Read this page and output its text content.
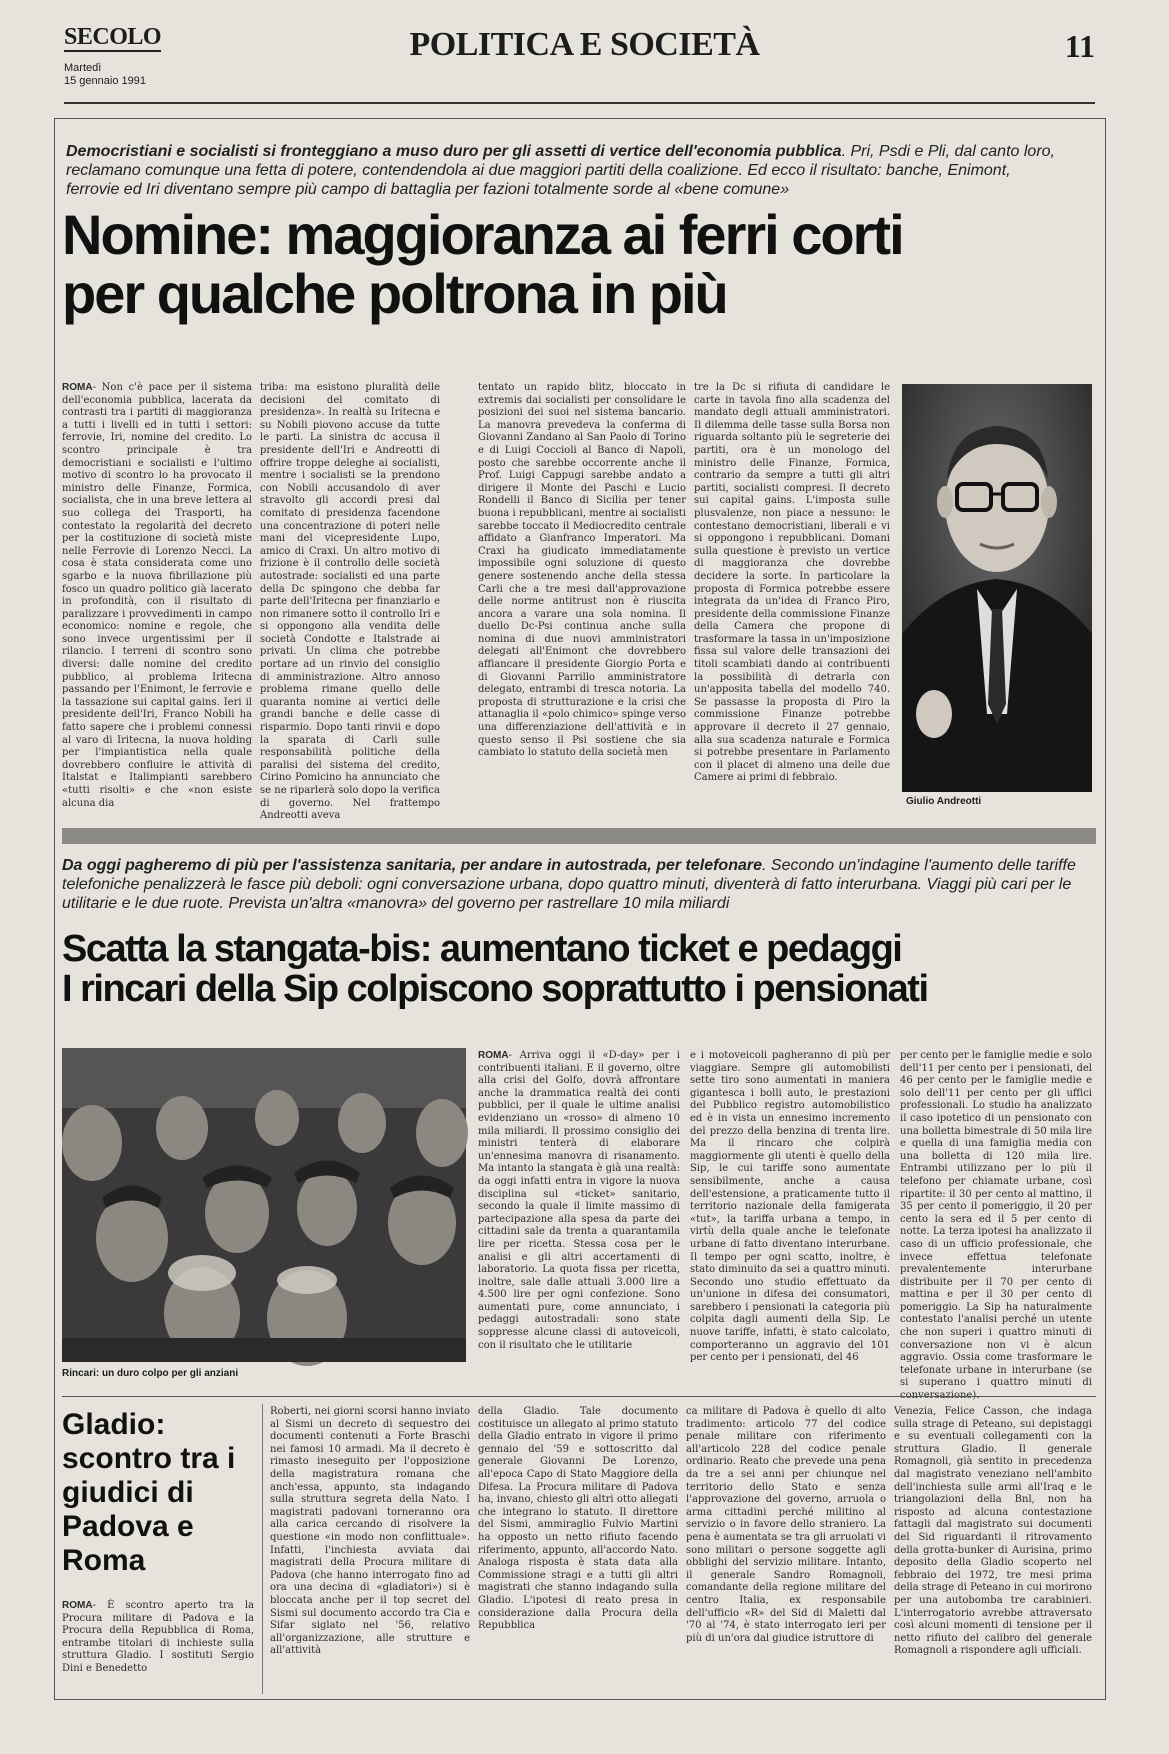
SECOLO
Martedì
15 gennaio 1991
POLITICA E SOCIETÀ	11
Democristiani e socialisti si fronteggiano a muso duro per gli assetti di vertice dell'economia pubblica. Pri, Psdi e Pli, dal canto loro, reclamano comunque una fetta di potere, contendendola ai due maggiori partiti della coalizione. Ed ecco il risultato: banche, Enimont, ferrovie ed Iri diventano sempre più campo di battaglia per fazioni totalmente sorde al «bene comune»
Nomine: maggioranza ai ferri corti
per qualche poltrona in più

ROMA- Non c'è pace per il sistema dell'economia pubblica, lacerata da contrasti tra i partiti di maggioranza a tutti i livelli ed in tutti i settori: ferrovie, Iri, nomine del credito. Lo scontro principale è tra democristiani e socialisti e l'ultimo motivo di scontro lo ha provocato il ministro delle Finanze, Formica, socialista, che in una breve lettera al suo collega dei Trasporti, ha contestato la regolarità del decreto per la costituzione di società miste nelle Ferrovie di Lorenzo Necci. La cosa è stata considerata come uno sgarbo e la nuova fibrillazione più fosco un quadro politico già lacerato in profondità, con il risultato di paralizzare i provvedimenti in campo economico: nomine e regole, che sono invece urgentissimi per il rilancio. I terreni di scontro sono diversi: dalle nomine del credito pubblico, al problema Iritecna passando per l'Enimont, le ferrovie e la tassazione sui capital gains. Ieri il presidente dell'Iri, Franco Nobili ha fatto sapere che i problemi connessi al varo di Iritecna, la nuova holding per l'impiantistica nella quale dovrebbero confluire le attività di Italstat e Italimpianti sarebbero «tutti risolti» e che «non esiste alcuna dia

triba: ma esistono pluralità delle decisioni del comitato di presidenza». In realtà su Iritecna e su Nobili piovono accuse da tutte le parti. La sinistra dc accusa il presidente dell'Iri e Andreotti di offrire troppe deleghe ai socialisti, mentre i socialisti se la prendono con Nobili accusandolo di aver stravolto gli accordi presi dal comitato di presidenza facendone una concentrazione di poteri nelle mani del vicepresidente Lupo, amico di Craxi. Un altro motivo di frizione è il controllo delle società autostrade: socialisti ed una parte della Dc spingono che debba far parte dell'Iritecna per finanziarlo e non rimanere sotto il controllo Iri e si oppongono alla vendita delle società Condotte e Italstrade ai privati. Un clima che potrebbe portare ad un rinvio del consiglio di amministrazione. Altro annoso problema rimane quello delle quaranta nomine ai vertici delle grandi banche e delle casse di risparmio. Dopo tanti rinvii e dopo la sparata di Carli sulle responsabilità politiche della paralisi del sistema del credito, Cirino Pomicino ha annunciato che se ne riparlerà solo dopo la verifica di governo. Nel frattempo Andreotti aveva

tentato un rapido blitz, bloccato in extremis dai socialisti per consolidare le posizioni dei suoi nel sistema bancario. La manovra prevedeva la conferma di Giovanni Zandano al San Paolo di Torino e di Luigi Coccioli al Banco di Napoli, posto che sarebbe occorrente anche il Prof. Luigi Cappugi sarebbe andato a dirigere il Monte dei Paschi e Lucio Rondelli il Banco di Sicilia per tener buona i repubblicani, mentre ai socialisti sarebbe toccato il Mediocredito centrale affidato a Gianfranco Imperatori. Ma Craxi ha giudicato immediatamente impossibile ogni soluzione di questo genere sostenendo anche della stessa Carli che a tre mesi dall'approvazione delle norme antitrust non è riuscita ancora a varare una sola nomina. Il duello Dc-Psi continua anche sulla nomina di due nuovi amministratori delegati all'Enimont che dovrebbero affiancare il presidente Giorgio Porta e di Giovanni Parrillo amministratore delegato, entrambi di tresca notoria. La proposta di strutturazione e la crisi che attanaglia il «polo chimico» spinge verso una differenziazione dell'attività e in questo senso il Psi sostiene che sia cambiato lo statuto della società men

tre la Dc si rifiuta di candidare le carte in tavola fino alla scadenza del mandato degli attuali amministratori. Il dilemma delle tasse sulla Borsa non riguarda soltanto più le segreterie dei partiti, ora è un monologo del ministro delle Finanze, Formica, contrario da sempre a tutti gli altri partiti, socialisti compresi. Il decreto sui capital gains. L'imposta sulle plusvalenze, non piace a nessuno: le contestano democristiani, liberali e vi si oppongono i repubblicani. Domani sulla questione è previsto un vertice di maggioranza che dovrebbe decidere la sorte. In particolare la proposta di Formica potrebbe essere integrata da un'idea di Franco Piro, presidente della commissione Finanze della Camera che propone di trasformare la tassa in un'imposizione fissa sul valore delle transazioni dei titoli scambiati dando ai contribuenti la possibilità di detrarla con un'apposita tabella del modello 740. Se passasse la proposta di Piro la commissione Finanze potrebbe approvare il decreto il 27 gennaio, alla sua scadenza naturale e Formica si potrebbe presentare in Parlamento con il placet di almeno una delle due Camere ai primi di febbraio.

Giulio Andreotti
Da oggi pagheremo di più per l'assistenza sanitaria, per andare in autostrada, per telefonare. Secondo un'indagine l'aumento delle tariffe telefoniche penalizzerà le fasce più deboli: ogni conversazione urbana, dopo quattro minuti, diventerà di fatto interurbana. Viaggi più cari per le utilitarie e le due ruote. Prevista un'altra «manovra» del governo per rastrellare 10 mila miliardi
Scatta la stangata-bis: aumentano ticket e pedaggi
I rincari della Sip colpiscono soprattutto i pensionati
Rincari: un duro colpo per gli anziani

ROMA- Arriva oggi il «D-day» per i contribuenti italiani. E il governo, oltre alla crisi del Golfo, dovrà affrontare anche la drammatica realtà dei conti pubblici, per il quale le ultime analisi evidenziano un «rosso» di almeno 10 mila miliardi. Il prossimo consiglio dei ministri tenterà di elaborare un'ennesima manovra di risanamento. Ma intanto la stangata è già una realtà: da oggi infatti entra in vigore la nuova disciplina sul «ticket» sanitario, secondo la quale il limite massimo di partecipazione alla spesa da parte dei cittadini sale da trenta a quarantamila lire per ricetta. Stessa cosa per le analisi e gli altri accertamenti di laboratorio. La quota fissa per ricetta, inoltre, sale dalle attuali 3.000 lire a 4.500 lire per ogni confezione. Sono aumentati pure, come annunciato, i pedaggi autostradali: sono state soppresse alcune classi di autoveicoli, con il risultato che le utilitarie

e i motoveicoli pagheranno di più per viaggiare. Sempre gli automobilisti sette tiro sono aumentati in maniera gigantesca i bolli auto, le prestazioni del Pubblico registro automobilistico ed è in vista un ennesimo incremento del prezzo della benzina di trenta lire. Ma il rincaro che colpirà maggiormente gli utenti è quello della Sip, le cui tariffe sono aumentate sensibilmente, anche a causa dell'estensione, a praticamente tutto il territorio nazionale della famigerata «tut», la tariffa urbana a tempo, in virtù della quale anche le telefonate urbane di fatto diventano interurbane. Il tempo per ogni scatto, inoltre, è stato diminuito da sei a quattro minuti. Secondo uno studio effettuato da un'unione in difesa dei consumatori, sarebbero i pensionati la categoria più colpita dagli aumenti della Sip. Le nuove tariffe, infatti, è stato calcolato, comporteranno un aggravio del 101 per cento per i pensionati, del 46

per cento per le famiglie medie e solo dell'11 per cento per i pensionati, del 46 per cento per le famiglie medie e solo dell'11 per cento per gli uffici professionali. Lo studio ha analizzato il caso ipotetico di un pensionato con una bolletta bimestrale di 50 mila lire e quella di una famiglia media con una bolletta di 120 mila lire. Entrambi utilizzano per lo più il telefono per chiamate urbane, così ripartite: il 30 per cento al mattino, il 35 per cento il pomeriggio, il 20 per cento la sera ed il 5 per cento di notte. La terza ipotesi ha analizzato il caso di un ufficio professionale, che invece effettua telefonate prevalentemente interurbane distribuite per il 70 per cento di mattina e per il 30 per cento di pomeriggio. La Sip ha naturalmente contestato l'analisi perché un utente che non superi i quattro minuti di conversazione non vi è alcun aggravio. Ossia come trasformare le telefonate urbane in interurbane (se si superano i quattro minuti di conversazione).

Gladio: scontro tra i giudici di Padova e Roma

ROMA- È scontro aperto tra la Procura militare di Padova e la Procura della Repubblica di Roma, entrambe titolari di inchieste sulla struttura Gladio. I sostituti Sergio Dini e Benedetto

Roberti, nei giorni scorsi hanno inviato al Sismi un decreto di sequestro dei documenti contenuti a Forte Braschi nei famosi 10 armadi. Ma il decreto è rimasto ineseguito per l'opposizione della magistratura romana che anch'essa, appunto, sta indagando sulla struttura segreta della Nato. I magistrati padovani torneranno ora alla carica cercando di risolvere la questione «in modo non conflittuale». Infatti, l'inchiesta avviata dai magistrati della Procura militare di Padova (che hanno interrogato fino ad ora una decina di «gladiatori») si è bloccata anche per il top secret del Sismi sul documento accordo tra Cia e Sifar siglato nel '56, relativo all'organizzazione, alle strutture e all'attività

della Gladio. Tale documento costituisce un allegato al primo statuto della Gladio entrato in vigore il primo gennaio del '59 e sottoscritto dal generale Giovanni De Lorenzo, all'epoca Capo di Stato Maggiore della Difesa. La Procura militare di Padova ha, invano, chiesto gli altri otto allegati che integrano lo statuto. Il direttore del Sismi, ammiraglio Fulvio Martini ha opposto un netto rifiuto facendo riferimento, appunto, all'accordo Nato. Analoga risposta è stata data alla Commissione stragi e a tutti gli altri magistrati che stanno indagando sulla Gladio. L'ipotesi di reato presa in considerazione dalla Procura della Repubblica

ca militare di Padova è quello di alto tradimento: articolo 77 del codice penale militare con riferimento all'articolo 228 del codice penale ordinario. Reato che prevede una pena da tre a sei anni per chiunque nel territorio dello Stato e senza l'approvazione del governo, arruola o arma cittadini perché militino al servizio o in favore dello straniero. La pena è aumentata se tra gli arruolati vi sono militari o persone soggette agli obblighi del servizio militare. Intanto, il generale Sandro Romagnoli, comandante della regione militare del centro Italia, ex responsabile dell'ufficio «R» del Sid di Maletti dal '70 al '74, è stato interrogato ieri per più di un'ora dal giudice istruttore di

Venezia, Felice Casson, che indaga sulla strage di Peteano, sui depistaggi e su eventuali collegamenti con la struttura Gladio. Il generale Romagnoli, già sentito in precedenza dal magistrato veneziano nell'ambito dell'inchiesta sulle armi all'Iraq e le triangolazioni della Bnl, non ha risposto ad alcuna contestazione fattagli dal magistrato sui documenti del Sid riguardanti il ritrovamento della grotta-bunker di Aurisina, primo deposito della Gladio scoperto nel febbraio del 1972, tre mesi prima della strage di Peteano in cui morirono per una autobomba tre carabinieri. L'interrogatorio avrebbe attraversato così alcuni momenti di tensione per il netto rifiuto del calibro del generale Romagnoli a rispondere agli ufficiali.
